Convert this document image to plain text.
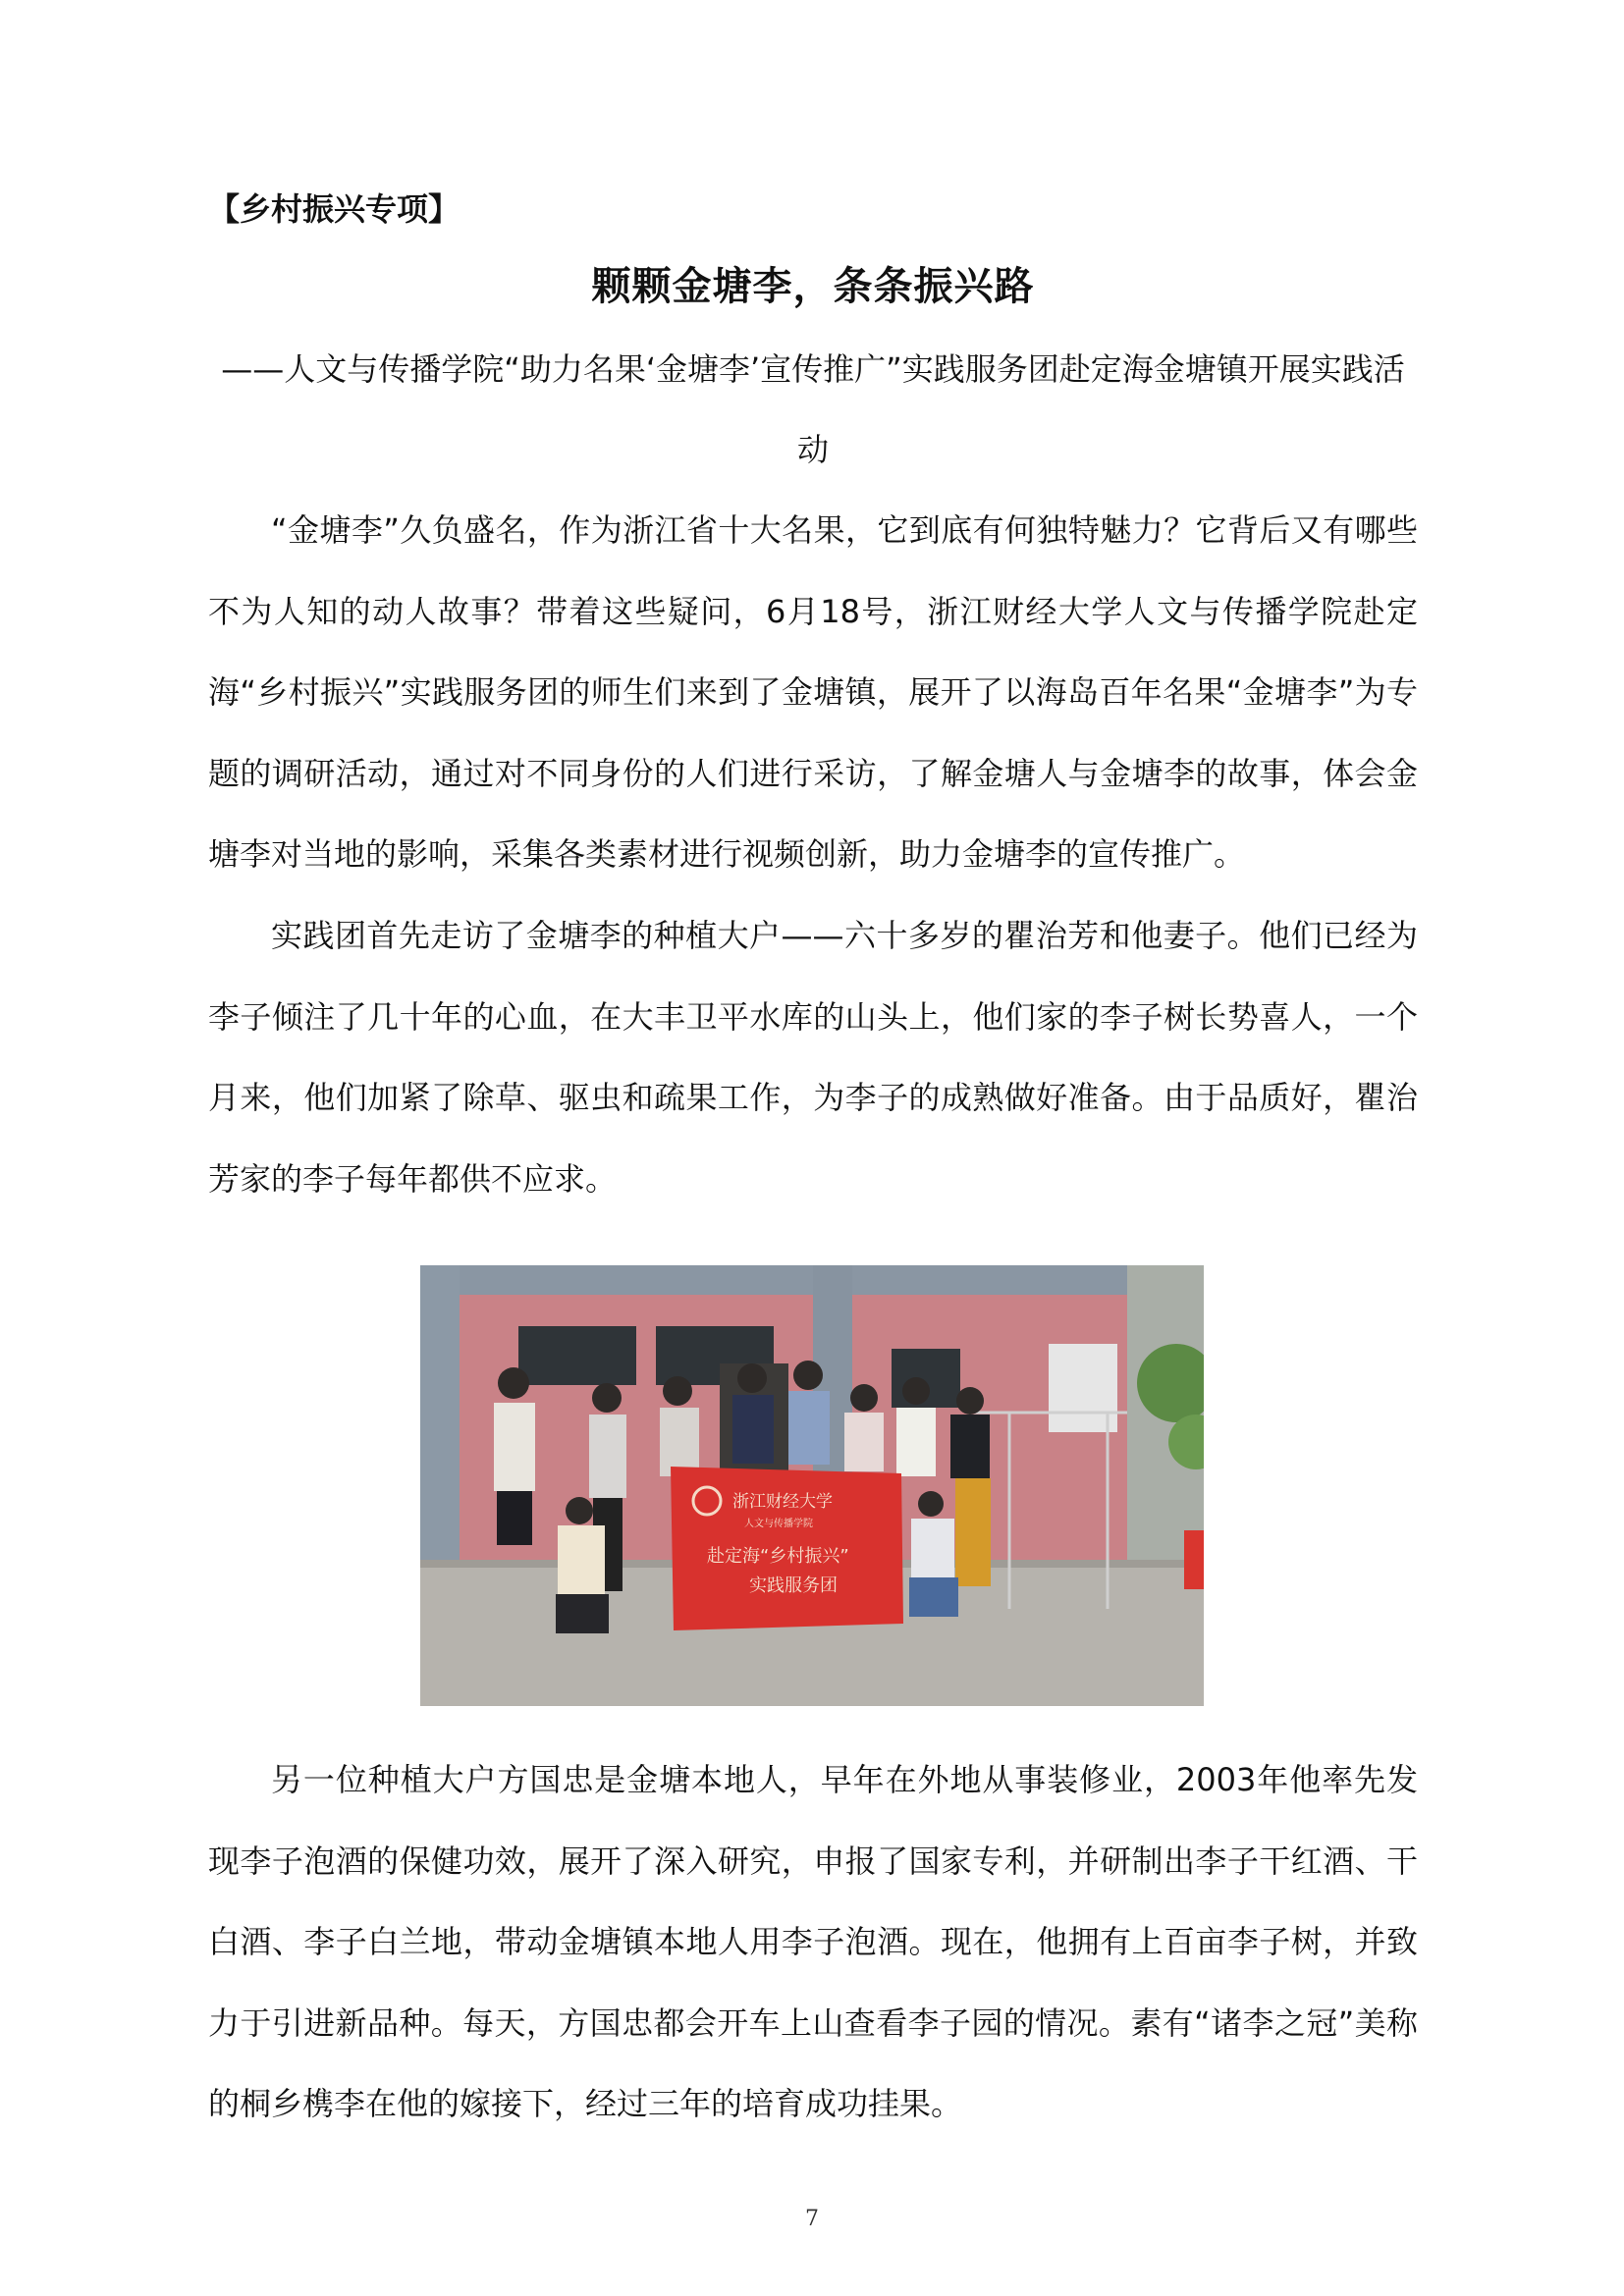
【乡村振兴专项】

颗颗金塘李，条条振兴路

——人文与传播学院“助力名果‘金塘李’宣传推广”实践服务团赴定海金塘镇开展实践活动

“金塘李”久负盛名，作为浙江省十大名果，它到底有何独特魅力？它背后又有哪些不为人知的动人故事？带着这些疑问，6月18号，浙江财经大学人文与传播学院赴定海“乡村振兴”实践服务团的师生们来到了金塘镇，展开了以海岛百年名果“金塘李”为专题的调研活动，通过对不同身份的人们进行采访，了解金塘人与金塘李的故事，体会金塘李对当地的影响，采集各类素材进行视频创新，助力金塘李的宣传推广。

实践团首先走访了金塘李的种植大户——六十多岁的瞿治芳和他妻子。他们已经为李子倾注了几十年的心血，在大丰卫平水库的山头上，他们家的李子树长势喜人，一个月来，他们加紧了除草、驱虫和疏果工作，为李子的成熟做好准备。由于品质好，瞿治芳家的李子每年都供不应求。

浙江财经大学
人文与传播学院
赴定海“乡村振兴”
实践服务团

另一位种植大户方国忠是金塘本地人，早年在外地从事装修业，2003年他率先发现李子泡酒的保健功效，展开了深入研究，申报了国家专利，并研制出李子干红酒、干白酒、李子白兰地，带动金塘镇本地人用李子泡酒。现在，他拥有上百亩李子树，并致力于引进新品种。每天，方国忠都会开车上山查看李子园的情况。素有“诸李之冠”美称的桐乡槜李在他的嫁接下，经过三年的培育成功挂果。

7
